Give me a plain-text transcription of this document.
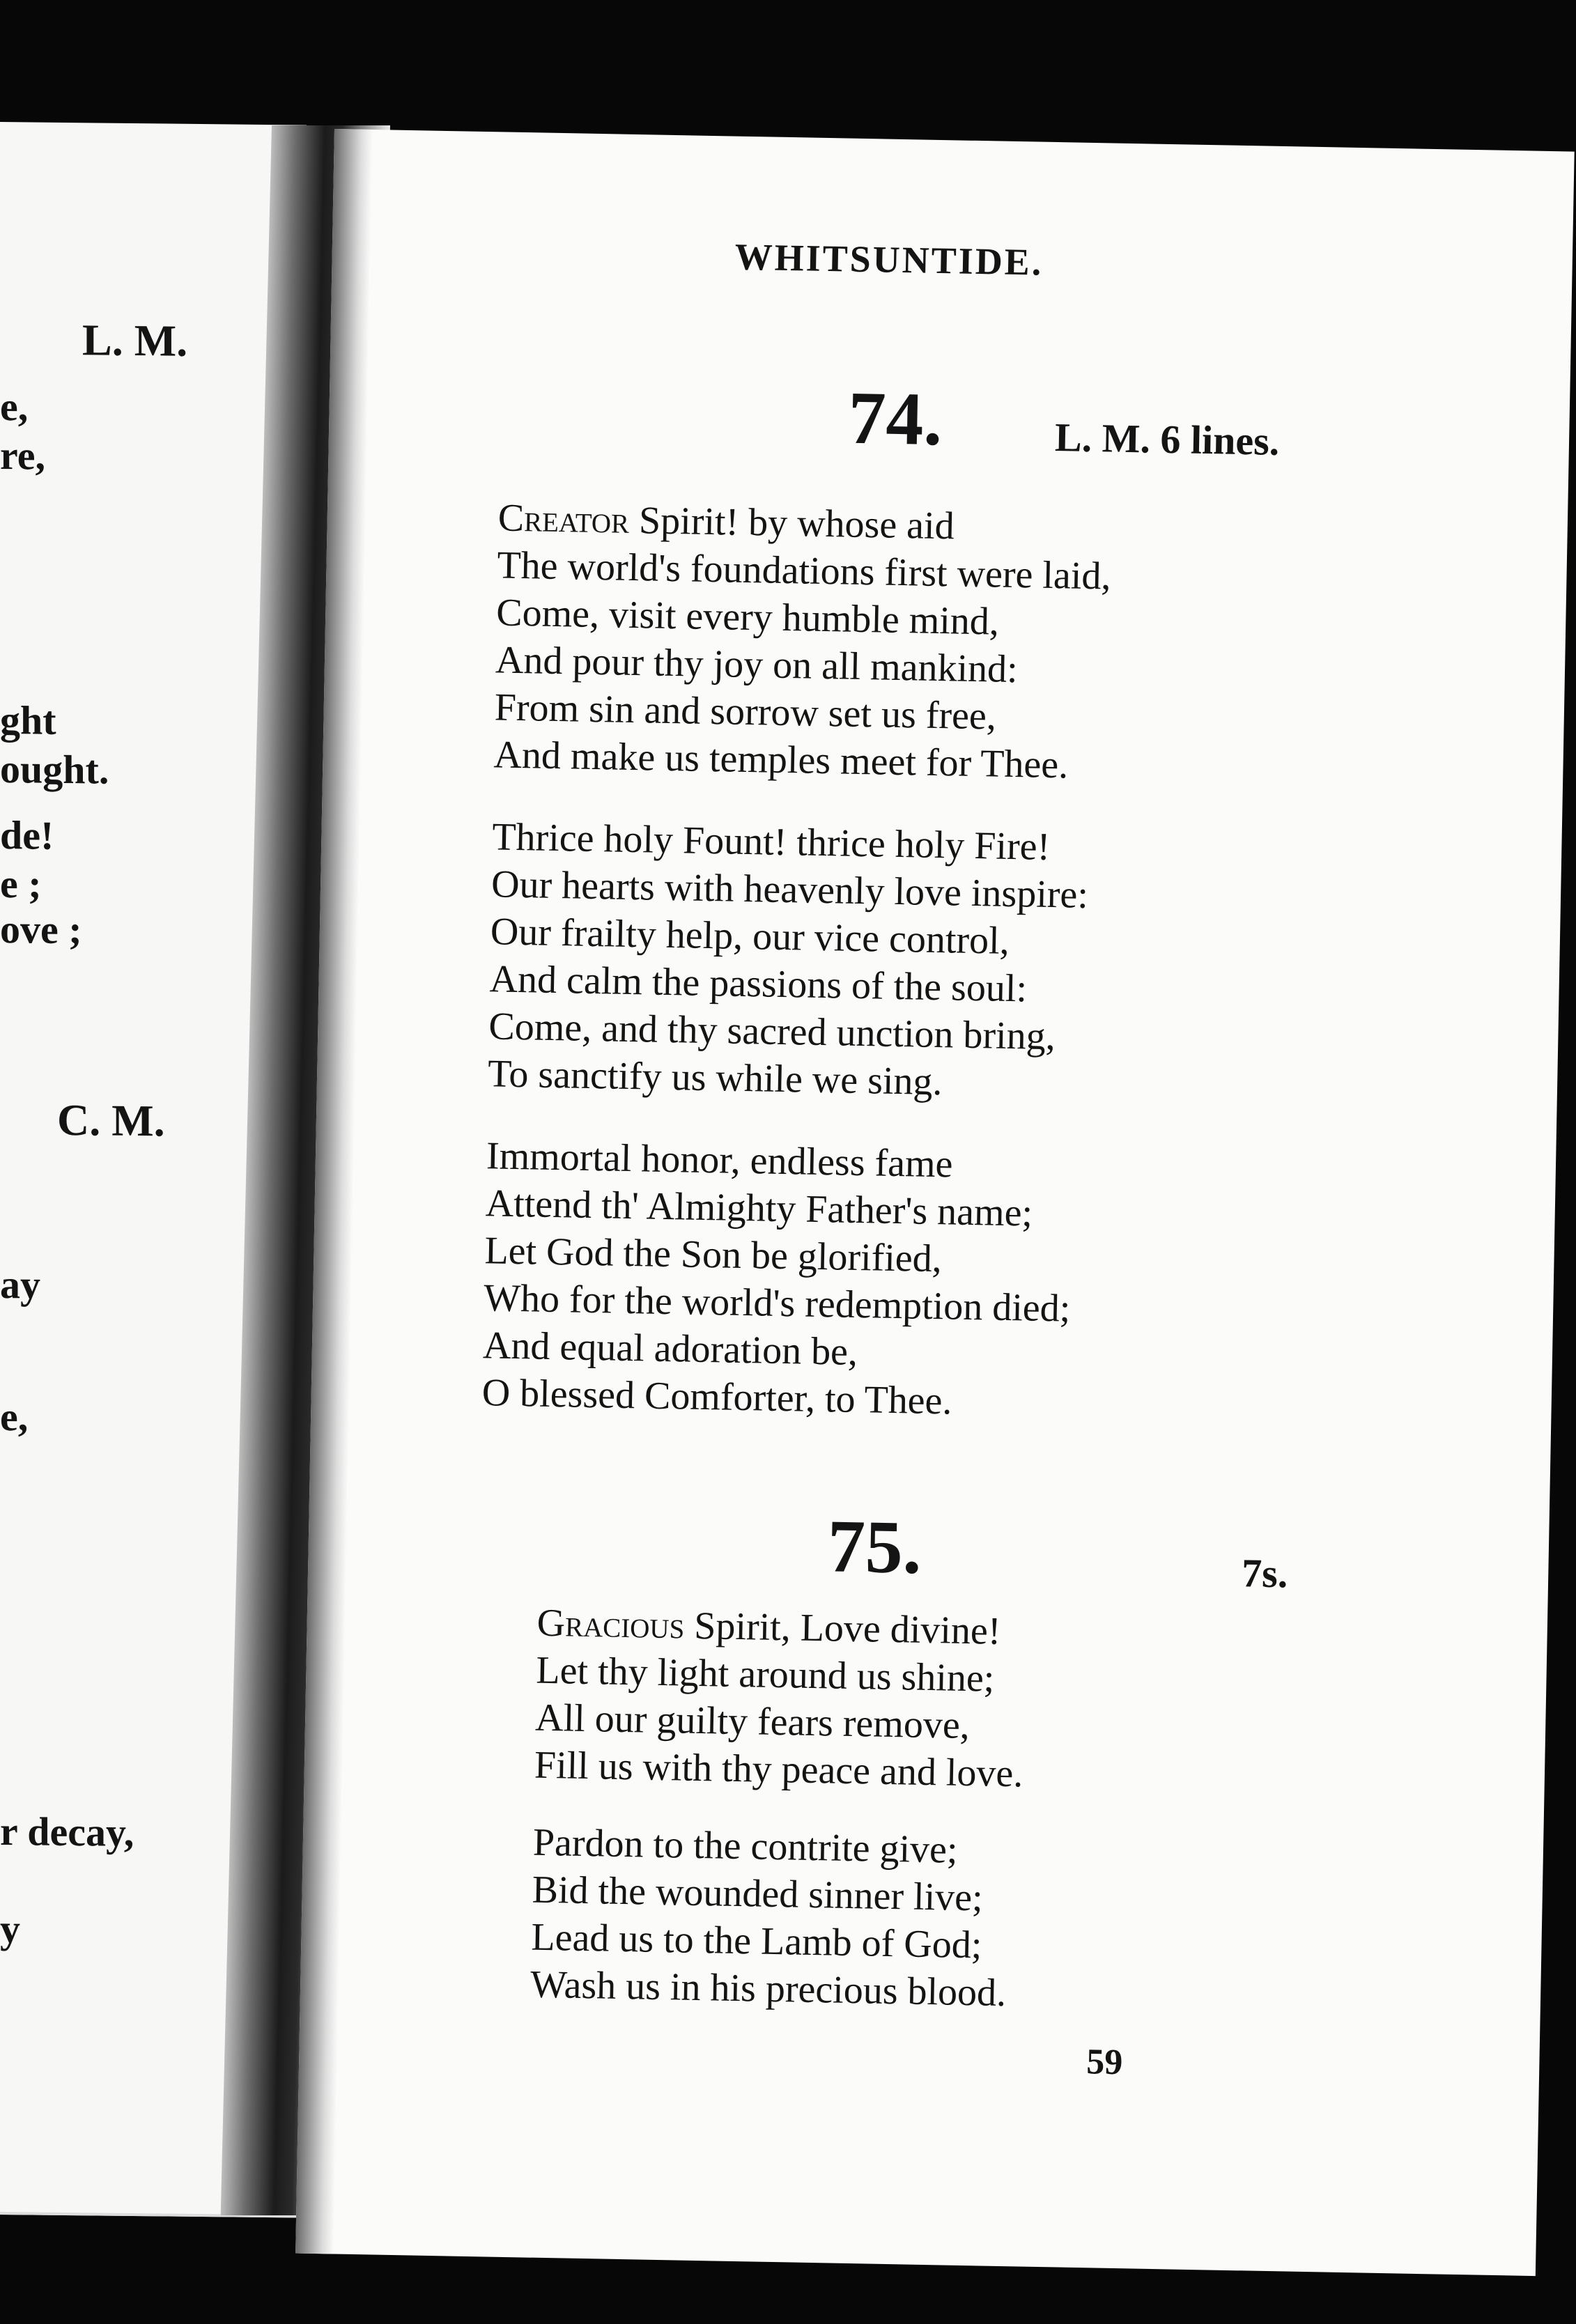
L. M.
e,
re,
ght
ought.
de!
e ;
ove ;
C. M.
ay
e,
r decay,
y
WHITSUNTIDE.
74.	L. M. 6 lines.
Creator Spirit! by whose aid
The world's foundations first were laid,
Come, visit every humble mind,
And pour thy joy on all mankind:
From sin and sorrow set us free,
And make us temples meet for Thee.
Thrice holy Fount! thrice holy Fire!
Our hearts with heavenly love inspire:
Our frailty help, our vice control,
And calm the passions of the soul:
Come, and thy sacred unction bring,
To sanctify us while we sing.
Immortal honor, endless fame
Attend th' Almighty Father's name;
Let God the Son be glorified,
Who for the world's redemption died;
And equal adoration be,
O blessed Comforter, to Thee.
75.	7s.
Gracious Spirit, Love divine!
Let thy light around us shine;
All our guilty fears remove,
Fill us with thy peace and love.
Pardon to the contrite give;
Bid the wounded sinner live;
Lead us to the Lamb of God;
Wash us in his precious blood.
59
